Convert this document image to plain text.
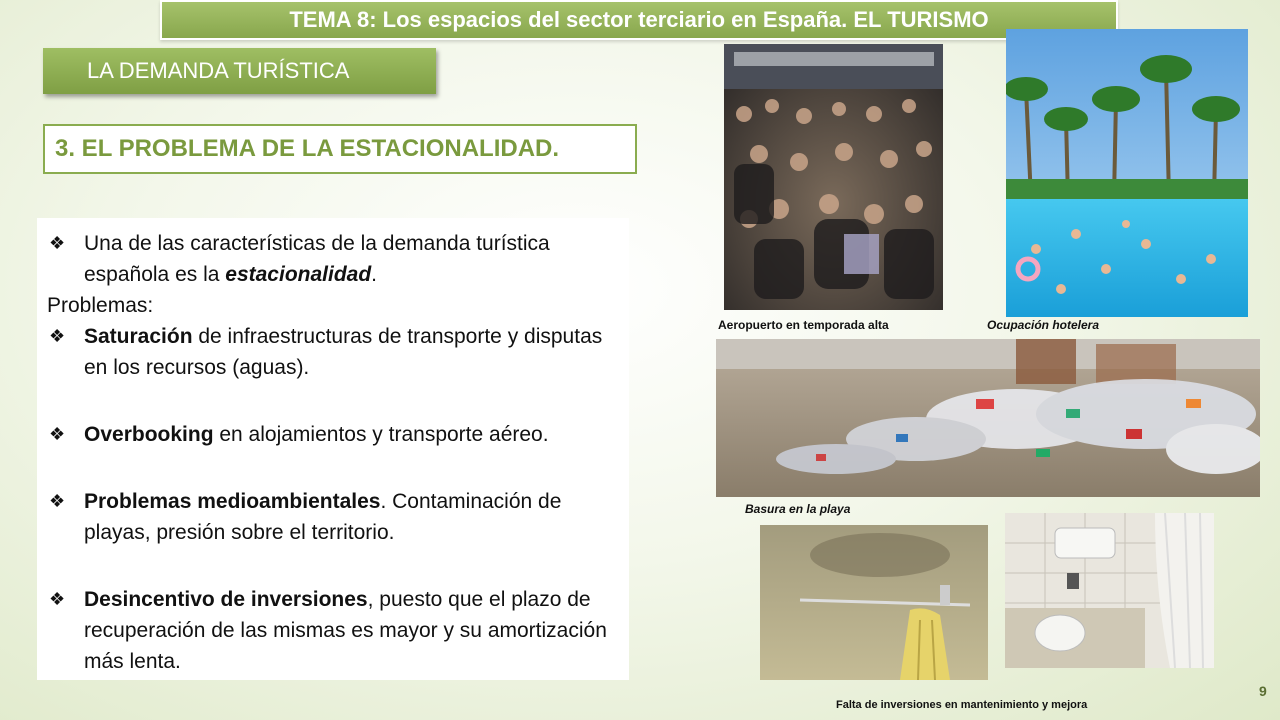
TEMA 8: Los espacios del sector terciario en España. EL TURISMO
LA DEMANDA TURÍSTICA
3. EL PROBLEMA DE LA ESTACIONALIDAD.
❖ Una de las características de la demanda turística española es la estacionalidad.
Problemas:
❖ Saturación de infraestructuras de transporte y disputas en los recursos (aguas).
❖ Overbooking en alojamientos y transporte aéreo.
❖ Problemas medioambientales. Contaminación de playas, presión sobre el territorio.
❖ Desincentivo de inversiones, puesto que el plazo de recuperación de las mismas es mayor y su amortización más lenta.
Aeropuerto en temporada alta	Ocupación hotelera
Basura en la playa
Falta de inversiones en mantenimiento y mejora
9
